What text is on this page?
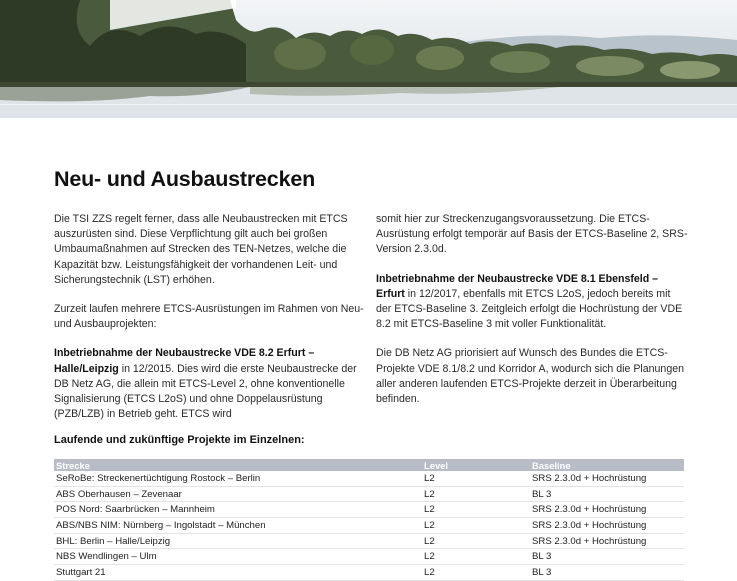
Neu- und Ausbaustrecken

Die TSI ZZS regelt ferner, dass alle Neubaustrecken mit ETCS auszurüsten sind. Diese Verpflichtung gilt auch bei großen Umbaumaßnahmen auf Strecken des TEN-Netzes, welche die Kapazität bzw. Leistungsfähigkeit der vorhandenen Leit- und Sicherungstechnik (LST) erhöhen.

Zurzeit laufen mehrere ETCS-Ausrüstungen im Rahmen von Neu- und Ausbauprojekten:

Inbetriebnahme der Neubaustrecke VDE 8.2 Erfurt – Halle/Leipzig in 12/2015. Dies wird die erste Neubaustrecke der DB Netz AG, die allein mit ETCS-Level 2, ohne konventionelle Signalisierung (ETCS L2oS) und ohne Doppelausrüstung (PZB/LZB) in Betrieb geht. ETCS wird

somit hier zur Streckenzugangsvoraussetzung. Die ETCS-Ausrüstung erfolgt temporär auf Basis der ETCS-Baseline 2, SRS-Version 2.3.0d.

Inbetriebnahme der Neubaustrecke VDE 8.1 Ebensfeld – Erfurt in 12/2017, ebenfalls mit ETCS L2oS, jedoch bereits mit der ETCS-Baseline 3. Zeitgleich erfolgt die Hochrüstung der VDE 8.2 mit ETCS-Baseline 3 mit voller Funktionalität.

Die DB Netz AG priorisiert auf Wunsch des Bundes die ETCS-Projekte VDE 8.1/8.2 und Korridor A, wodurch sich die Planungen aller anderen laufenden ETCS-Projekte derzeit in Überarbeitung befinden.

Laufende und zukünftige Projekte im Einzelnen:
Strecke	Level	Baseline
SeRoBe: Streckenertüchtigung Rostock – Berlin	L2	SRS 2.3.0d + Hochrüstung
ABS Oberhausen – Zevenaar	L2	BL 3
POS Nord: Saarbrücken – Mannheim	L2	SRS 2.3.0d + Hochrüstung
ABS/NBS NIM: Nürnberg – Ingolstadt – München	L2	SRS 2.3.0d + Hochrüstung
BHL: Berlin – Halle/Leipzig	L2	SRS 2.3.0d + Hochrüstung
NBS Wendlingen – Ulm	L2	BL 3
Stuttgart 21	L2	BL 3
